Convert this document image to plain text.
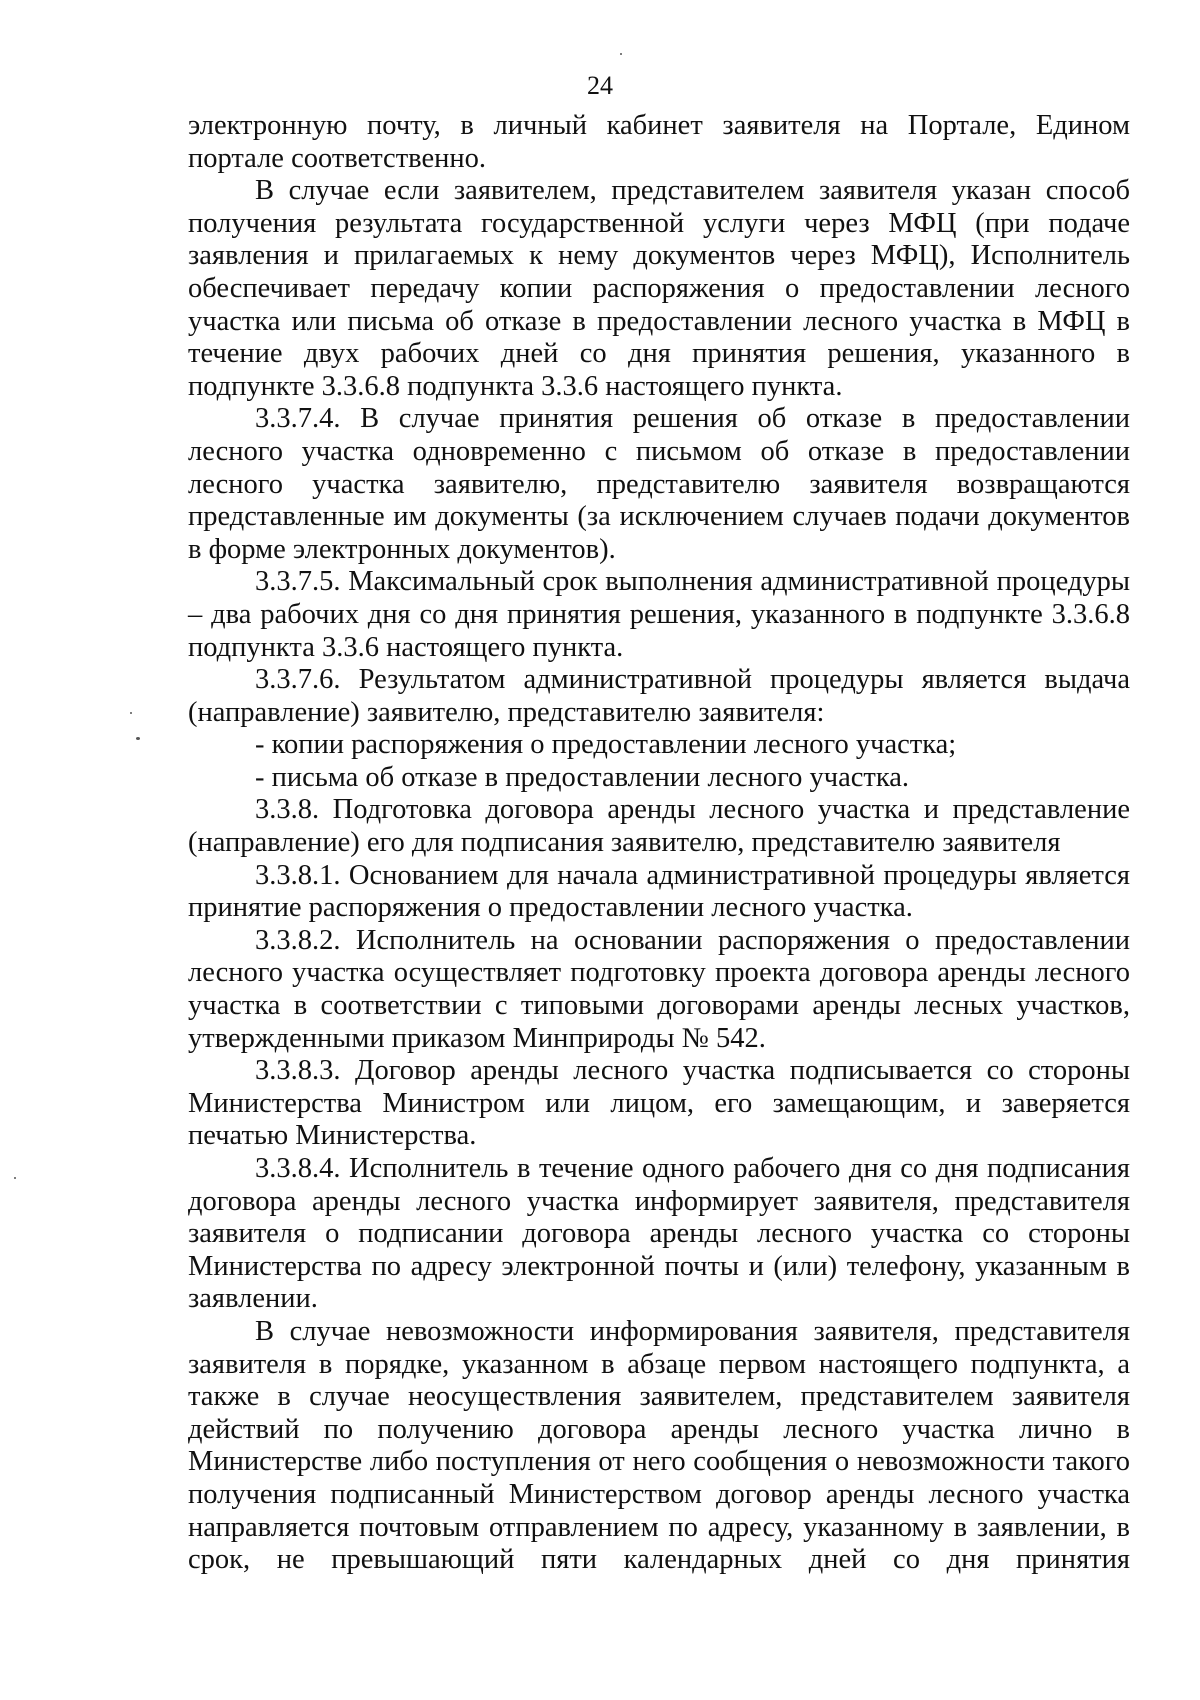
24

электронную почту, в личный кабинет заявителя на Портале, Едином портале соответственно.

В случае если заявителем, представителем заявителя указан способ получения результата государственной услуги через МФЦ (при подаче заявления и прилагаемых к нему документов через МФЦ), Исполнитель обеспечивает передачу копии распоряжения о предоставлении лесного участка или письма об отказе в предоставлении лесного участка в МФЦ в течение двух рабочих дней со дня принятия решения, указанного в подпункте 3.3.6.8 подпункта 3.3.6 настоящего пункта.

3.3.7.4. В случае принятия решения об отказе в предоставлении лесного участка одновременно с письмом об отказе в предоставлении лесного участка заявителю, представителю заявителя возвращаются представленные им документы (за исключением случаев подачи документов в форме электронных документов).

3.3.7.5. Максимальный срок выполнения административной процедуры – два рабочих дня со дня принятия решения, указанного в подпункте 3.3.6.8 подпункта 3.3.6 настоящего пункта.

3.3.7.6. Результатом административной процедуры является выдача (направление) заявителю, представителю заявителя:

- копии распоряжения о предоставлении лесного участка;

- письма об отказе в предоставлении лесного участка.

3.3.8. Подготовка договора аренды лесного участка и представление (направление) его для подписания заявителю, представителю заявителя

3.3.8.1. Основанием для начала административной процедуры является принятие распоряжения о предоставлении лесного участка.

3.3.8.2. Исполнитель на основании распоряжения о предоставлении лесного участка осуществляет подготовку проекта договора аренды лесного участка в соответствии с типовыми договорами аренды лесных участков, утвержденными приказом Минприроды № 542.

3.3.8.3. Договор аренды лесного участка подписывается со стороны Министерства Министром или лицом, его замещающим, и заверяется печатью Министерства.

3.3.8.4. Исполнитель в течение одного рабочего дня со дня подписания договора аренды лесного участка информирует заявителя, представителя заявителя о подписании договора аренды лесного участка со стороны Министерства по адресу электронной почты и (или) телефону, указанным в заявлении.

В случае невозможности информирования заявителя, представителя заявителя в порядке, указанном в абзаце первом настоящего подпункта, а также в случае неосуществления заявителем, представителем заявителя действий по получению договора аренды лесного участка лично в Министерстве либо поступления от него сообщения о невозможности такого получения подписанный Министерством договор аренды лесного участка направляется почтовым отправлением по адресу, указанному в заявлении, в срок, не превышающий пяти календарных дней со дня принятия
